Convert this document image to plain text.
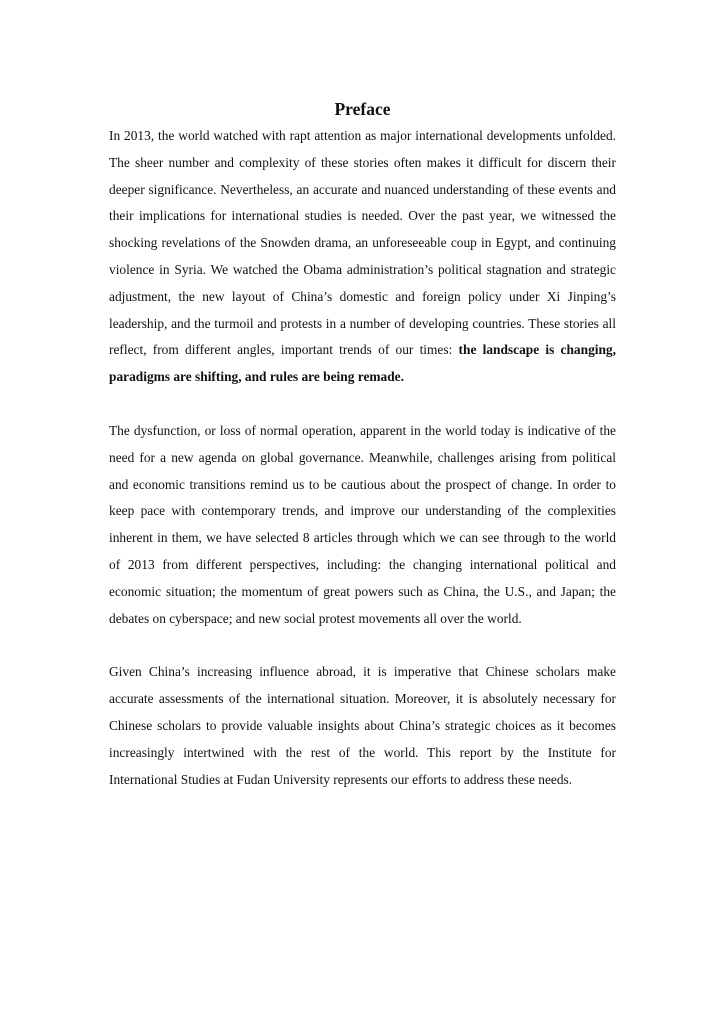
Preface

In 2013, the world watched with rapt attention as major international developments unfolded. The sheer number and complexity of these stories often makes it difficult for discern their deeper significance. Nevertheless, an accurate and nuanced understanding of these events and their implications for international studies is needed. Over the past year, we witnessed the shocking revelations of the Snowden drama, an unforeseeable coup in Egypt, and continuing violence in Syria. We watched the Obama administration’s political stagnation and strategic adjustment, the new layout of China’s domestic and foreign policy under Xi Jinping’s leadership, and the turmoil and protests in a number of developing countries. These stories all reflect, from different angles, important trends of our times: the landscape is changing, paradigms are shifting, and rules are being remade.

The dysfunction, or loss of normal operation, apparent in the world today is indicative of the need for a new agenda on global governance. Meanwhile, challenges arising from political and economic transitions remind us to be cautious about the prospect of change. In order to keep pace with contemporary trends, and improve our understanding of the complexities inherent in them, we have selected 8 articles through which we can see through to the world of 2013 from different perspectives, including: the changing international political and economic situation; the momentum of great powers such as China, the U.S., and Japan; the debates on cyberspace; and new social protest movements all over the world.

Given China’s increasing influence abroad, it is imperative that Chinese scholars make accurate assessments of the international situation. Moreover, it is absolutely necessary for Chinese scholars to provide valuable insights about China’s strategic choices as it becomes increasingly intertwined with the rest of the world. This report by the Institute for International Studies at Fudan University represents our efforts to address these needs.
